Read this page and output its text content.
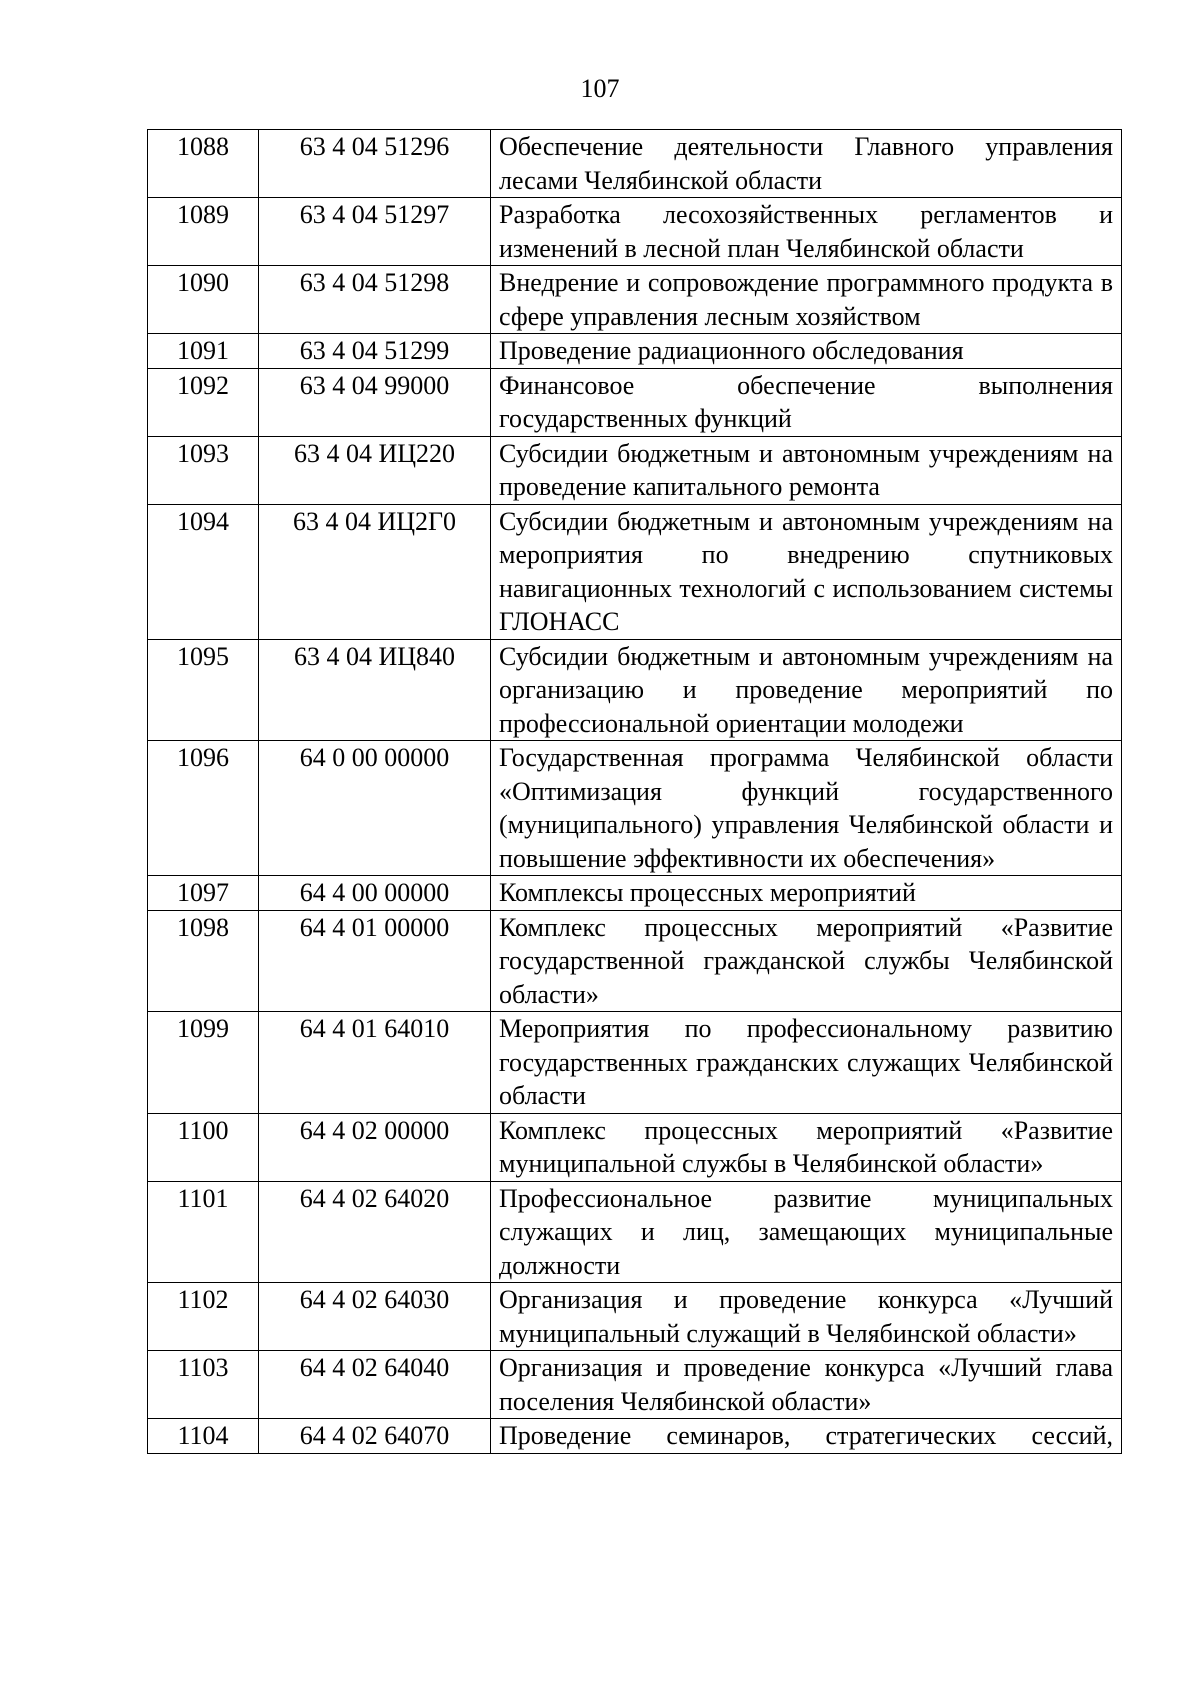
107
1088	63 4 04 51296	Обеспечение деятельности Главного управления лесами Челябинской области
1089	63 4 04 51297	Разработка лесохозяйственных регламентов и изменений в лесной план Челябинской области
1090	63 4 04 51298	Внедрение и сопровождение программного продукта в сфере управления лесным хозяйством
1091	63 4 04 51299	Проведение радиационного обследования
1092	63 4 04 99000	Финансовое обеспечение выполнения государственных функций
1093	63 4 04 ИЦ220	Субсидии бюджетным и автономным учреждениям на проведение капитального ремонта
1094	63 4 04 ИЦ2Г0	Субсидии бюджетным и автономным учреждениям на мероприятия по внедрению спутниковых навигационных технологий с использованием системы ГЛОНАСС
1095	63 4 04 ИЦ840	Субсидии бюджетным и автономным учреждениям на организацию и проведение мероприятий по профессиональной ориентации молодежи
1096	64 0 00 00000	Государственная программа Челябинской области «Оптимизация функций государственного (муниципального) управления Челябинской области и повышение эффективности их обеспечения»
1097	64 4 00 00000	Комплексы процессных мероприятий
1098	64 4 01 00000	Комплекс процессных мероприятий «Развитие государственной гражданской службы Челябинской области»
1099	64 4 01 64010	Мероприятия по профессиональному развитию государственных гражданских служащих Челябинской области
1100	64 4 02 00000	Комплекс процессных мероприятий «Развитие муниципальной службы в Челябинской области»
1101	64 4 02 64020	Профессиональное развитие муниципальных служащих и лиц, замещающих муниципальные должности
1102	64 4 02 64030	Организация и проведение конкурса «Лучший муниципальный служащий в Челябинской области»
1103	64 4 02 64040	Организация и проведение конкурса «Лучший глава поселения Челябинской области»
1104	64 4 02 64070	Проведение семинаров, стратегических сессий,
